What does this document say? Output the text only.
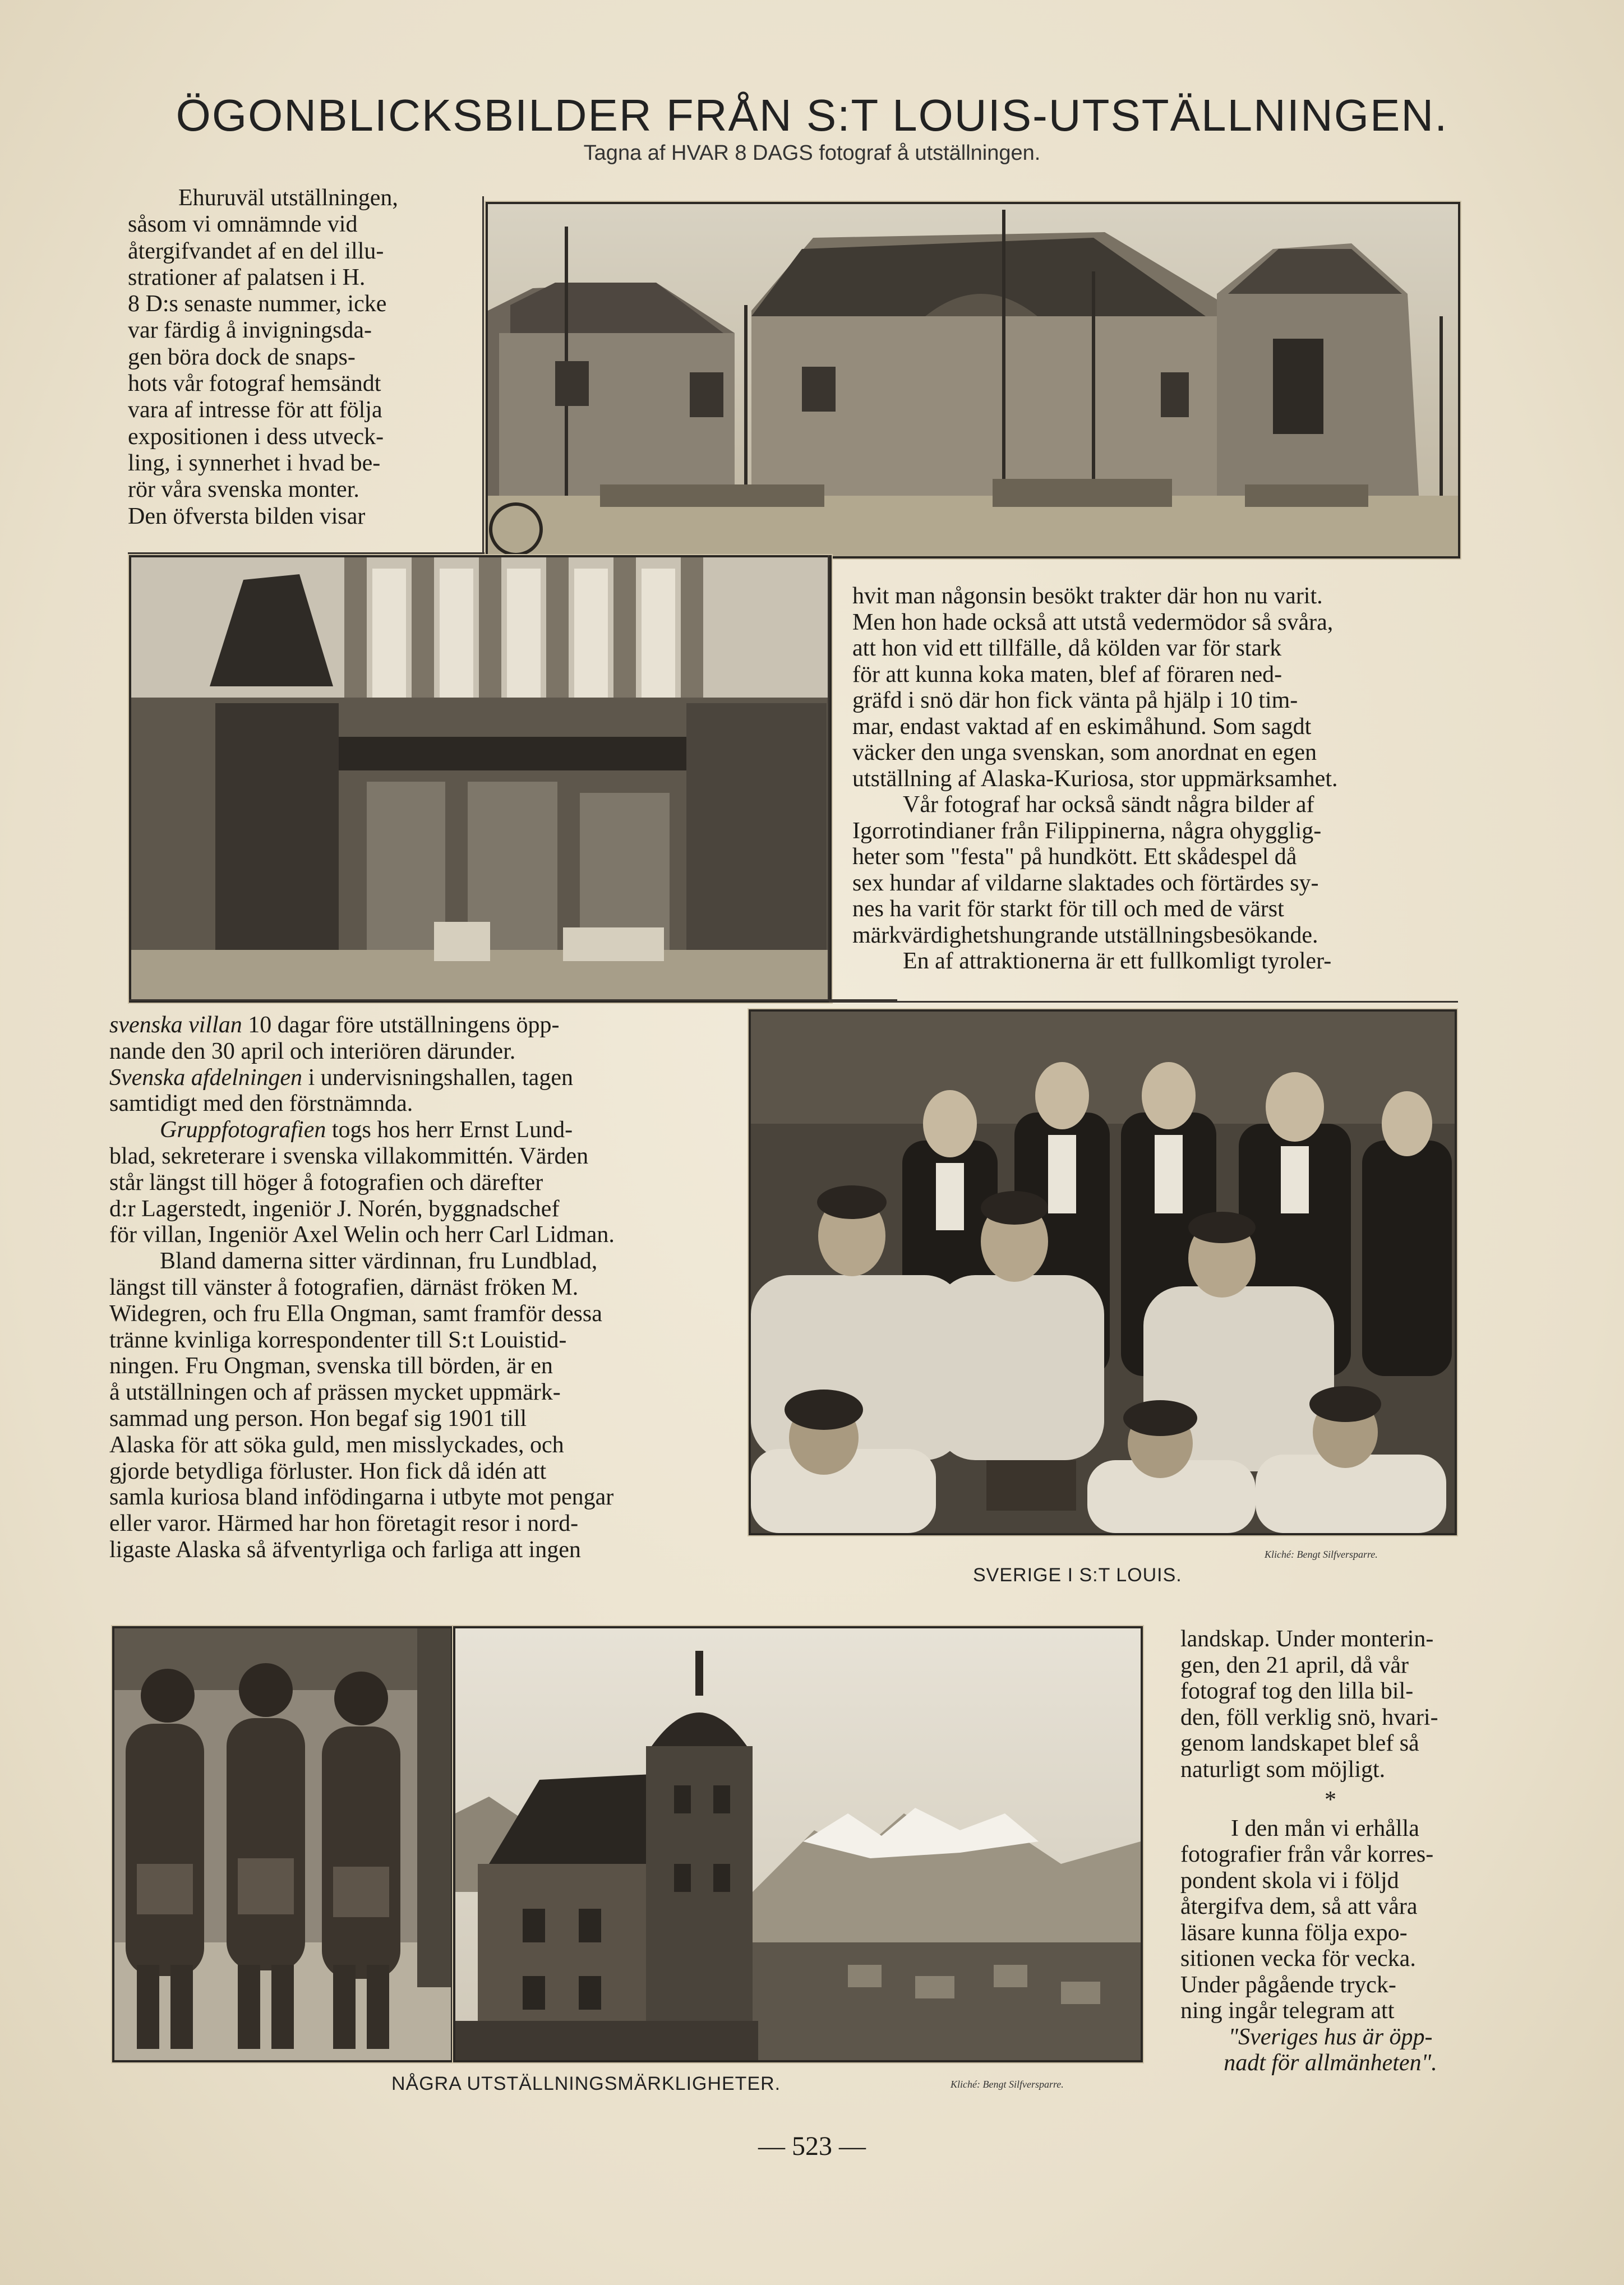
ÖGONBLICKSBILDER FRÅN S:T LOUIS-UTSTÄLLNINGEN.
Tagna af HVAR 8 DAGS fotograf å utställningen.

Ehuruväl utställningen,

såsom vi omnämnde vid

återgifvandet af en del illu-

strationer af palatsen i H.

8 D:s senaste nummer, icke

var färdig å invigningsda-

gen böra dock de snaps-

hots vår fotograf hemsändt

vara af intresse för att följa

expositionen i dess utveck-

ling, i synnerhet i hvad be-

rör våra svenska monter.

Den öfversta bilden visar

hvit man någonsin besökt trakter där hon nu varit.

Men hon hade också att utstå vedermödor så svåra,

att hon vid ett tillfälle, då kölden var för stark

för att kunna koka maten, blef af föraren ned-

gräfd i snö där hon fick vänta på hjälp i 10 tim-

mar, endast vaktad af en eskimåhund. Som sagdt

väcker den unga svenskan, som anordnat en egen

utställning af Alaska-Kuriosa, stor uppmärksamhet.

Vår fotograf har också sändt några bilder af

Igorrotindianer från Filippinerna, några ohygglig-

heter som "festa" på hundkött. Ett skådespel då

sex hundar af vildarne slaktades och förtärdes sy-

nes ha varit för starkt för till och med de värst

märkvärdighetshungrande utställningsbesökande.

En af attraktionerna är ett fullkomligt tyroler-

svenska villan 10 dagar före utställningens öpp-

nande den 30 april och interiören därunder.

Svenska afdelningen i undervisningshallen, tagen

samtidigt med den förstnämnda.

Gruppfotografien togs hos herr Ernst Lund-

blad, sekreterare i svenska villakommittén. Värden

står längst till höger å fotografien och därefter

d:r Lagerstedt, ingeniör J. Norén, byggnadschef

för villan, Ingeniör Axel Welin och herr Carl Lidman.

Bland damerna sitter värdinnan, fru Lundblad,

längst till vänster å fotografien, därnäst fröken M.

Widegren, och fru Ella Ongman, samt framför dessa

tränne kvinliga korrespondenter till S:t Louistid-

ningen. Fru Ongman, svenska till börden, är en

å utställningen och af prässen mycket uppmärk-

sammad ung person. Hon begaf sig 1901 till

Alaska för att söka guld, men misslyckades, och

gjorde betydliga förluster. Hon fick då idén att

samla kuriosa bland infödingarna i utbyte mot pengar

eller varor. Härmed har hon företagit resor i nord-

ligaste Alaska så äfventyrliga och farliga att ingen

SVERIGE I S:T LOUIS.
Kliché: Bengt Silfversparre.
NÅGRA UTSTÄLLNINGSMÄRKLIGHETER.	Kliché: Bengt Silfversparre.

landskap. Under monterin-

gen, den 21 april, då vår

fotograf tog den lilla bil-

den, föll verklig snö, hvari-

genom landskapet blef så

naturligt som möjligt.

*

I den mån vi erhålla

fotografier från vår korres-

pondent skola vi i följd

återgifva dem, så att våra

läsare kunna följa expo-

sitionen vecka för vecka.

Under pågående tryck-

ning ingår telegram att

"Sveriges hus är öpp-

nadt för allmänheten".

— 523 —
